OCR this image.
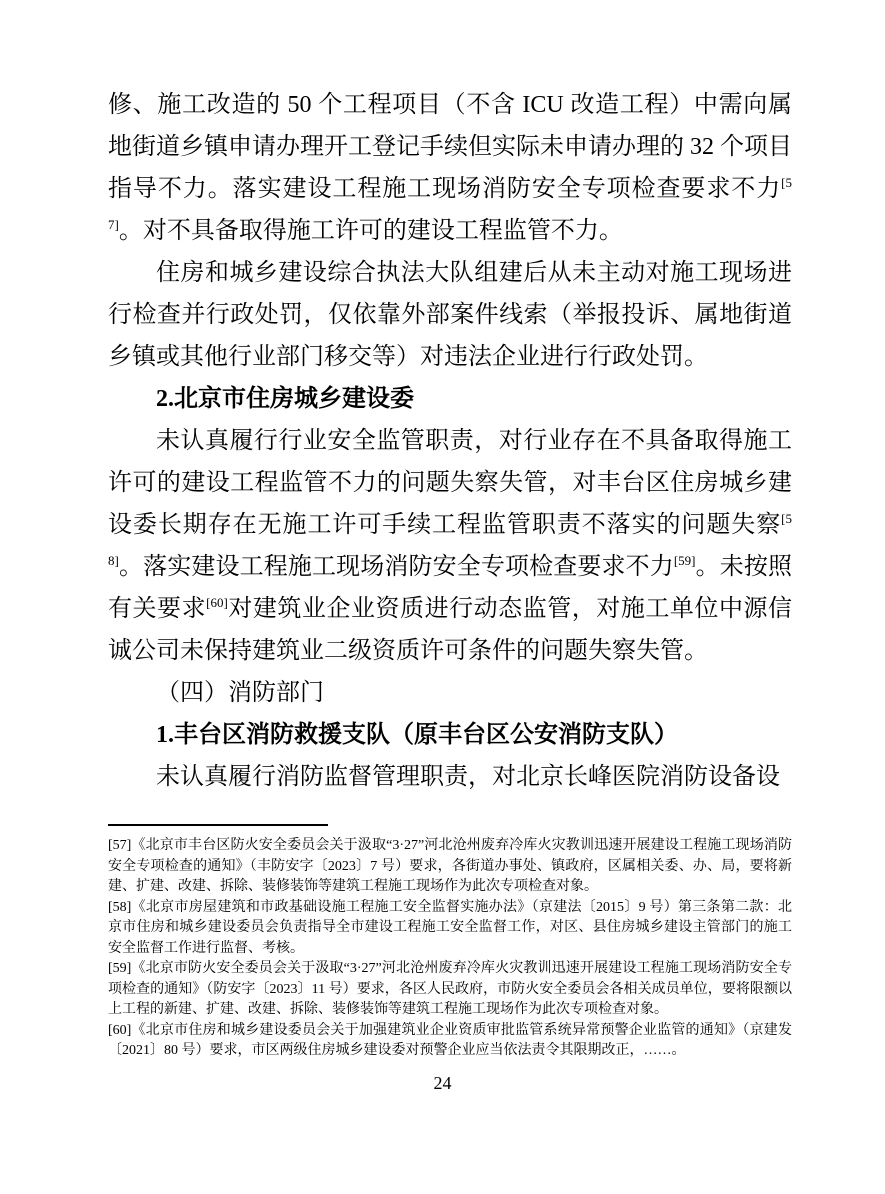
修、施工改造的 50 个工程项目（不含 ICU 改造工程）中需向属地街道乡镇申请办理开工登记手续但实际未申请办理的 32 个项目指导不力。落实建设工程施工现场消防安全专项检查要求不力[57]。对不具备取得施工许可的建设工程监管不力。

住房和城乡建设综合执法大队组建后从未主动对施工现场进行检查并行政处罚，仅依靠外部案件线索（举报投诉、属地街道乡镇或其他行业部门移交等）对违法企业进行行政处罚。

2.北京市住房城乡建设委

未认真履行行业安全监管职责，对行业存在不具备取得施工许可的建设工程监管不力的问题失察失管，对丰台区住房城乡建设委长期存在无施工许可手续工程监管职责不落实的问题失察[58]。落实建设工程施工现场消防安全专项检查要求不力[59]。未按照有关要求[60]对建筑业企业资质进行动态监管，对施工单位中源信诚公司未保持建筑业二级资质许可条件的问题失察失管。

（四）消防部门

1.丰台区消防救援支队（原丰台区公安消防支队）

未认真履行消防监督管理职责，对北京长峰医院消防设备设

[57]《北京市丰台区防火安全委员会关于汲取“3·27”河北沧州废弃冷库火灾教训迅速开展建设工程施工现场消防安全专项检查的通知》（丰防安字〔2023〕7 号）要求，各街道办事处、镇政府，区属相关委、办、局，要将新建、扩建、改建、拆除、装修装饰等建筑工程施工现场作为此次专项检查对象。

[58]《北京市房屋建筑和市政基础设施工程施工安全监督实施办法》（京建法〔2015〕9 号）第三条第二款：北京市住房和城乡建设委员会负责指导全市建设工程施工安全监督工作，对区、县住房城乡建设主管部门的施工安全监督工作进行监督、考核。

[59]《北京市防火安全委员会关于汲取“3·27”河北沧州废弃冷库火灾教训迅速开展建设工程施工现场消防安全专项检查的通知》（防安字〔2023〕11 号）要求，各区人民政府，市防火安全委员会各相关成员单位，要将限额以上工程的新建、扩建、改建、拆除、装修装饰等建筑工程施工现场作为此次专项检查对象。

[60]《北京市住房和城乡建设委员会关于加强建筑业企业资质审批监管系统异常预警企业监管的通知》（京建发〔2021〕80 号）要求，市区两级住房城乡建设委对预警企业应当依法责令其限期改正，……。

24
